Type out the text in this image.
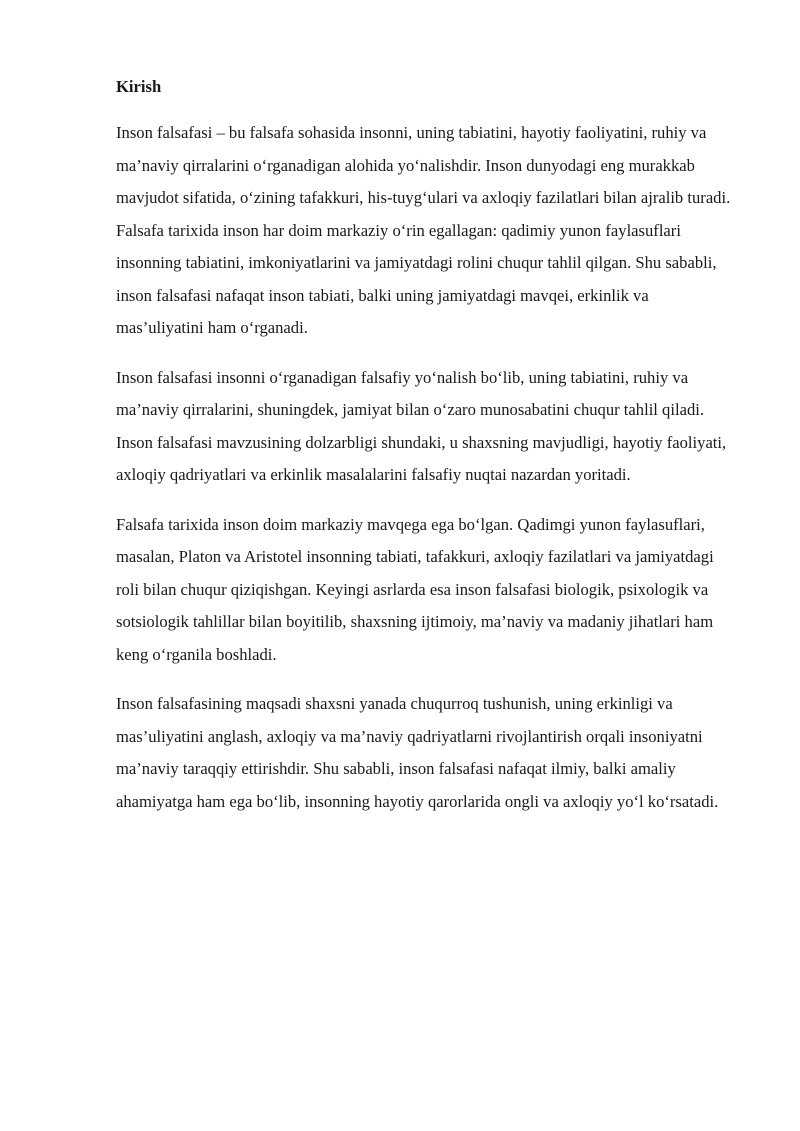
Kirish

Inson falsafasi – bu falsafa sohasida insonni, uning tabiatini, hayotiy faoliyatini, ruhiy va ma’naviy qirralarini o‘rganadigan alohida yo‘nalishdir. Inson dunyodagi eng murakkab mavjudot sifatida, o‘zining tafakkuri, his-tuyg‘ulari va axloqiy fazilatlari bilan ajralib turadi. Falsafa tarixida inson har doim markaziy o‘rin egallagan: qadimiy yunon faylasuflari insonning tabiatini, imkoniyatlarini va jamiyatdagi rolini chuqur tahlil qilgan. Shu sababli, inson falsafasi nafaqat inson tabiati, balki uning jamiyatdagi mavqei, erkinlik va mas’uliyatini ham o‘rganadi.

Inson falsafasi insonni o‘rganadigan falsafiy yo‘nalish bo‘lib, uning tabiatini, ruhiy va ma’naviy qirralarini, shuningdek, jamiyat bilan o‘zaro munosabatini chuqur tahlil qiladi. Inson falsafasi mavzusining dolzarbligi shundaki, u shaxsning mavjudligi, hayotiy faoliyati, axloqiy qadriyatlari va erkinlik masalalarini falsafiy nuqtai nazardan yoritadi.

Falsafa tarixida inson doim markaziy mavqega ega bo‘lgan. Qadimgi yunon faylasuflari, masalan, Platon va Aristotel insonning tabiati, tafakkuri, axloqiy fazilatlari va jamiyatdagi roli bilan chuqur qiziqishgan. Keyingi asrlarda esa inson falsafasi biologik, psixologik va sotsiologik tahlillar bilan boyitilib, shaxsning ijtimoiy, ma’naviy va madaniy jihatlari ham keng o‘rganila boshladi.

Inson falsafasining maqsadi shaxsni yanada chuqurroq tushunish, uning erkinligi va mas’uliyatini anglash, axloqiy va ma’naviy qadriyatlarni rivojlantirish orqali insoniyatni ma’naviy taraqqiy ettirishdir. Shu sababli, inson falsafasi nafaqat ilmiy, balki amaliy ahamiyatga ham ega bo‘lib, insonning hayotiy qarorlarida ongli va axloqiy yo‘l ko‘rsatadi.
